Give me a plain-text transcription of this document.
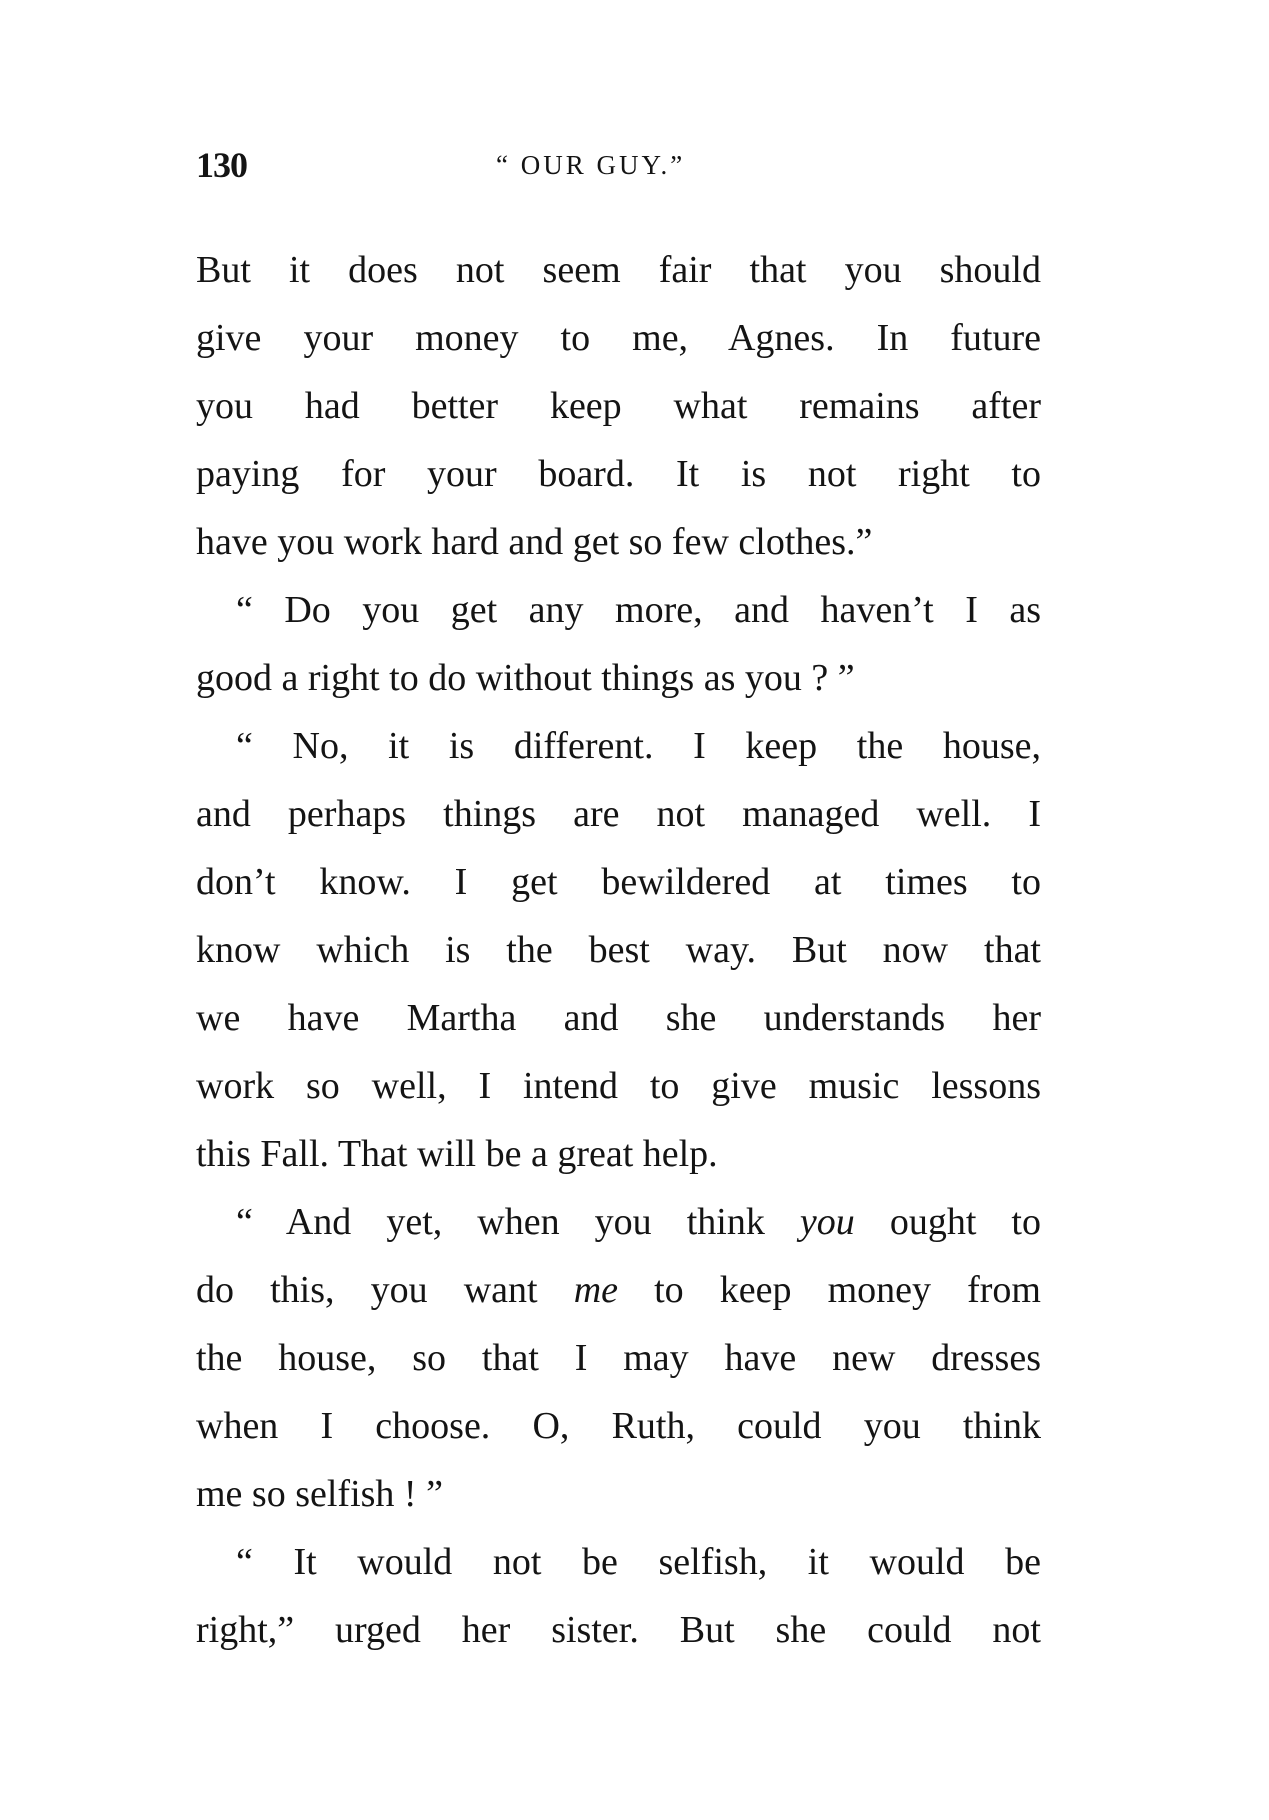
130	“ OUR GUY.”
But it does not seem fair that you should
give your money to me, Agnes. In future
you had better keep what remains after
paying for your board. It is not right to
have you work hard and get so few clothes.”
“ Do you get any more, and haven’t I as
good a right to do without things as you ? ”
“ No, it is different. I keep the house,
and perhaps things are not managed well. I
don’t know. I get bewildered at times to
know which is the best way. But now that
we have Martha and she understands her
work so well, I intend to give music lessons
this Fall. That will be a great help.
“ And yet, when you think you ought to
do this, you want me to keep money from
the house, so that I may have new dresses
when I choose. O, Ruth, could you think
me so selfish ! ”
“ It would not be selfish, it would be
right,” urged her sister. But she could not
